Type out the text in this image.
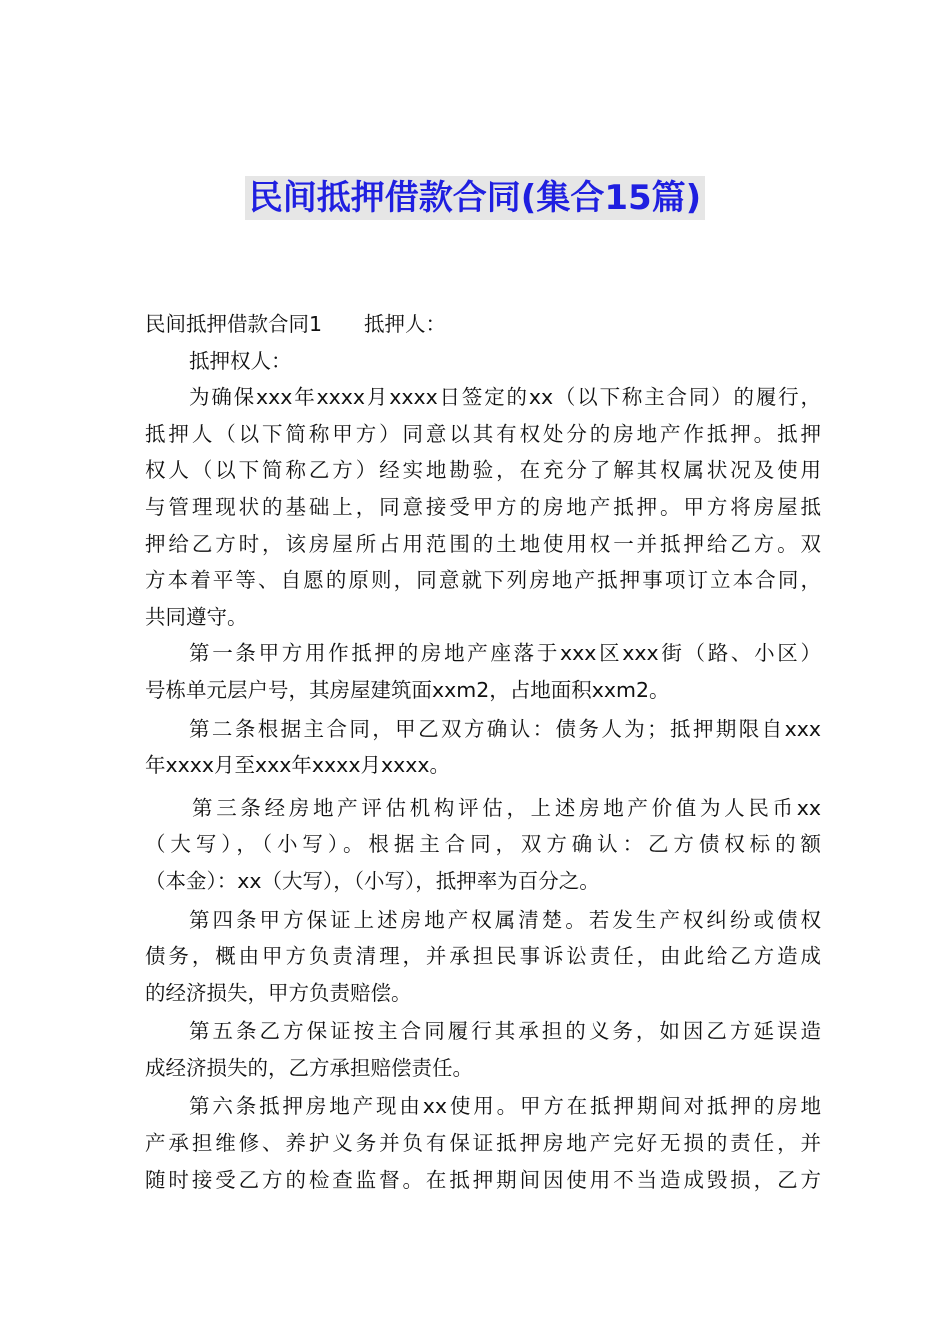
民间抵押借款合同(集合15篇)
民间抵押借款合同1 抵押人：
抵押权人：
为确保xxx年xxxx月xxxx日签定的xx（以下称主合同）的履行，
抵押人（以下简称甲方）同意以其有权处分的房地产作抵押。抵押
权人（以下简称乙方）经实地勘验，在充分了解其权属状况及使用
与管理现状的基础上，同意接受甲方的房地产抵押。甲方将房屋抵
押给乙方时，该房屋所占用范围的土地使用权一并抵押给乙方。双
方本着平等、自愿的原则，同意就下列房地产抵押事项订立本合同，
共同遵守。
第一条甲方用作抵押的房地产座落于xxx区xxx街（路、小区）
号栋单元层户号，其房屋建筑面xxm2，占地面积xxm2。
第二条根据主合同，甲乙双方确认：债务人为；抵押期限自xxx
年xxxx月至xxx年xxxx月xxxx。
第三条经房地产评估机构评估，上述房地产价值为人民币xx
（大写），（小写）。根据主合同，双方确认：乙方债权标的额
（本金）：xx（大写），（小写），抵押率为百分之。
第四条甲方保证上述房地产权属清楚。若发生产权纠纷或债权
债务，概由甲方负责清理，并承担民事诉讼责任，由此给乙方造成
的经济损失，甲方负责赔偿。
第五条乙方保证按主合同履行其承担的义务，如因乙方延误造
成经济损失的，乙方承担赔偿责任。
第六条抵押房地产现由xx使用。甲方在抵押期间对抵押的房地
产承担维修、养护义务并负有保证抵押房地产完好无损的责任，并
随时接受乙方的检查监督。在抵押期间因使用不当造成毁损，乙方
